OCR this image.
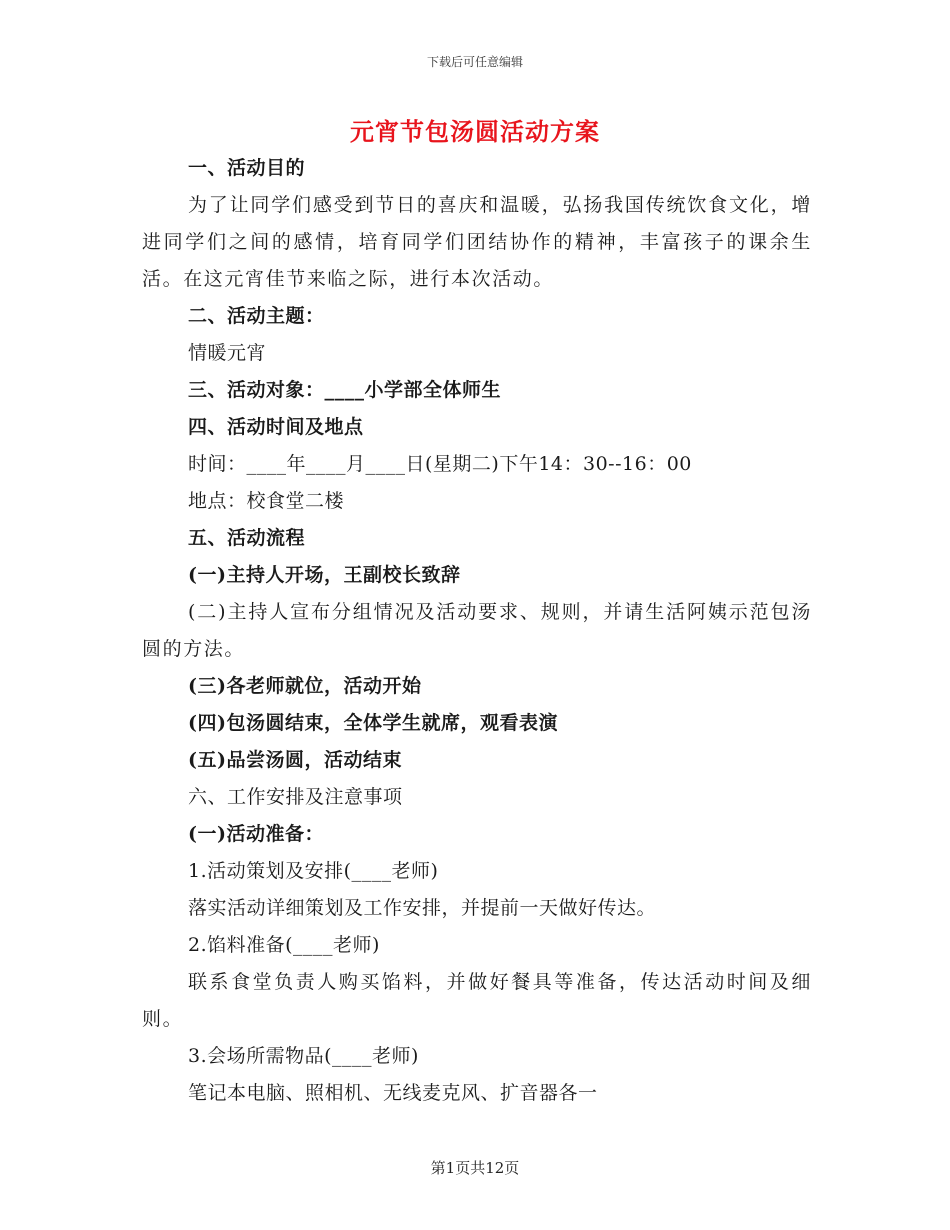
下载后可任意编辑
元宵节包汤圆活动方案
一、活动目的
为了让同学们感受到节日的喜庆和温暖，弘扬我国传统饮食文化，增进同学们之间的感情，培育同学们团结协作的精神，丰富孩子的课余生活。在这元宵佳节来临之际，进行本次活动。
二、活动主题：
情暖元宵
三、活动对象：____小学部全体师生
四、活动时间及地点
时间：____年____月____日(星期二)下午14：30--16：00
地点：校食堂二楼
五、活动流程
(一)主持人开场，王副校长致辞
(二)主持人宣布分组情况及活动要求、规则，并请生活阿姨示范包汤圆的方法。
(三)各老师就位，活动开始
(四)包汤圆结束，全体学生就席，观看表演
(五)品尝汤圆，活动结束
六、工作安排及注意事项
(一)活动准备：
1.活动策划及安排(____老师)
落实活动详细策划及工作安排，并提前一天做好传达。
2.馅料准备(____老师)
联系食堂负责人购买馅料，并做好餐具等准备，传达活动时间及细则。
3.会场所需物品(____老师)
笔记本电脑、照相机、无线麦克风、扩音器各一
第1页共12页
